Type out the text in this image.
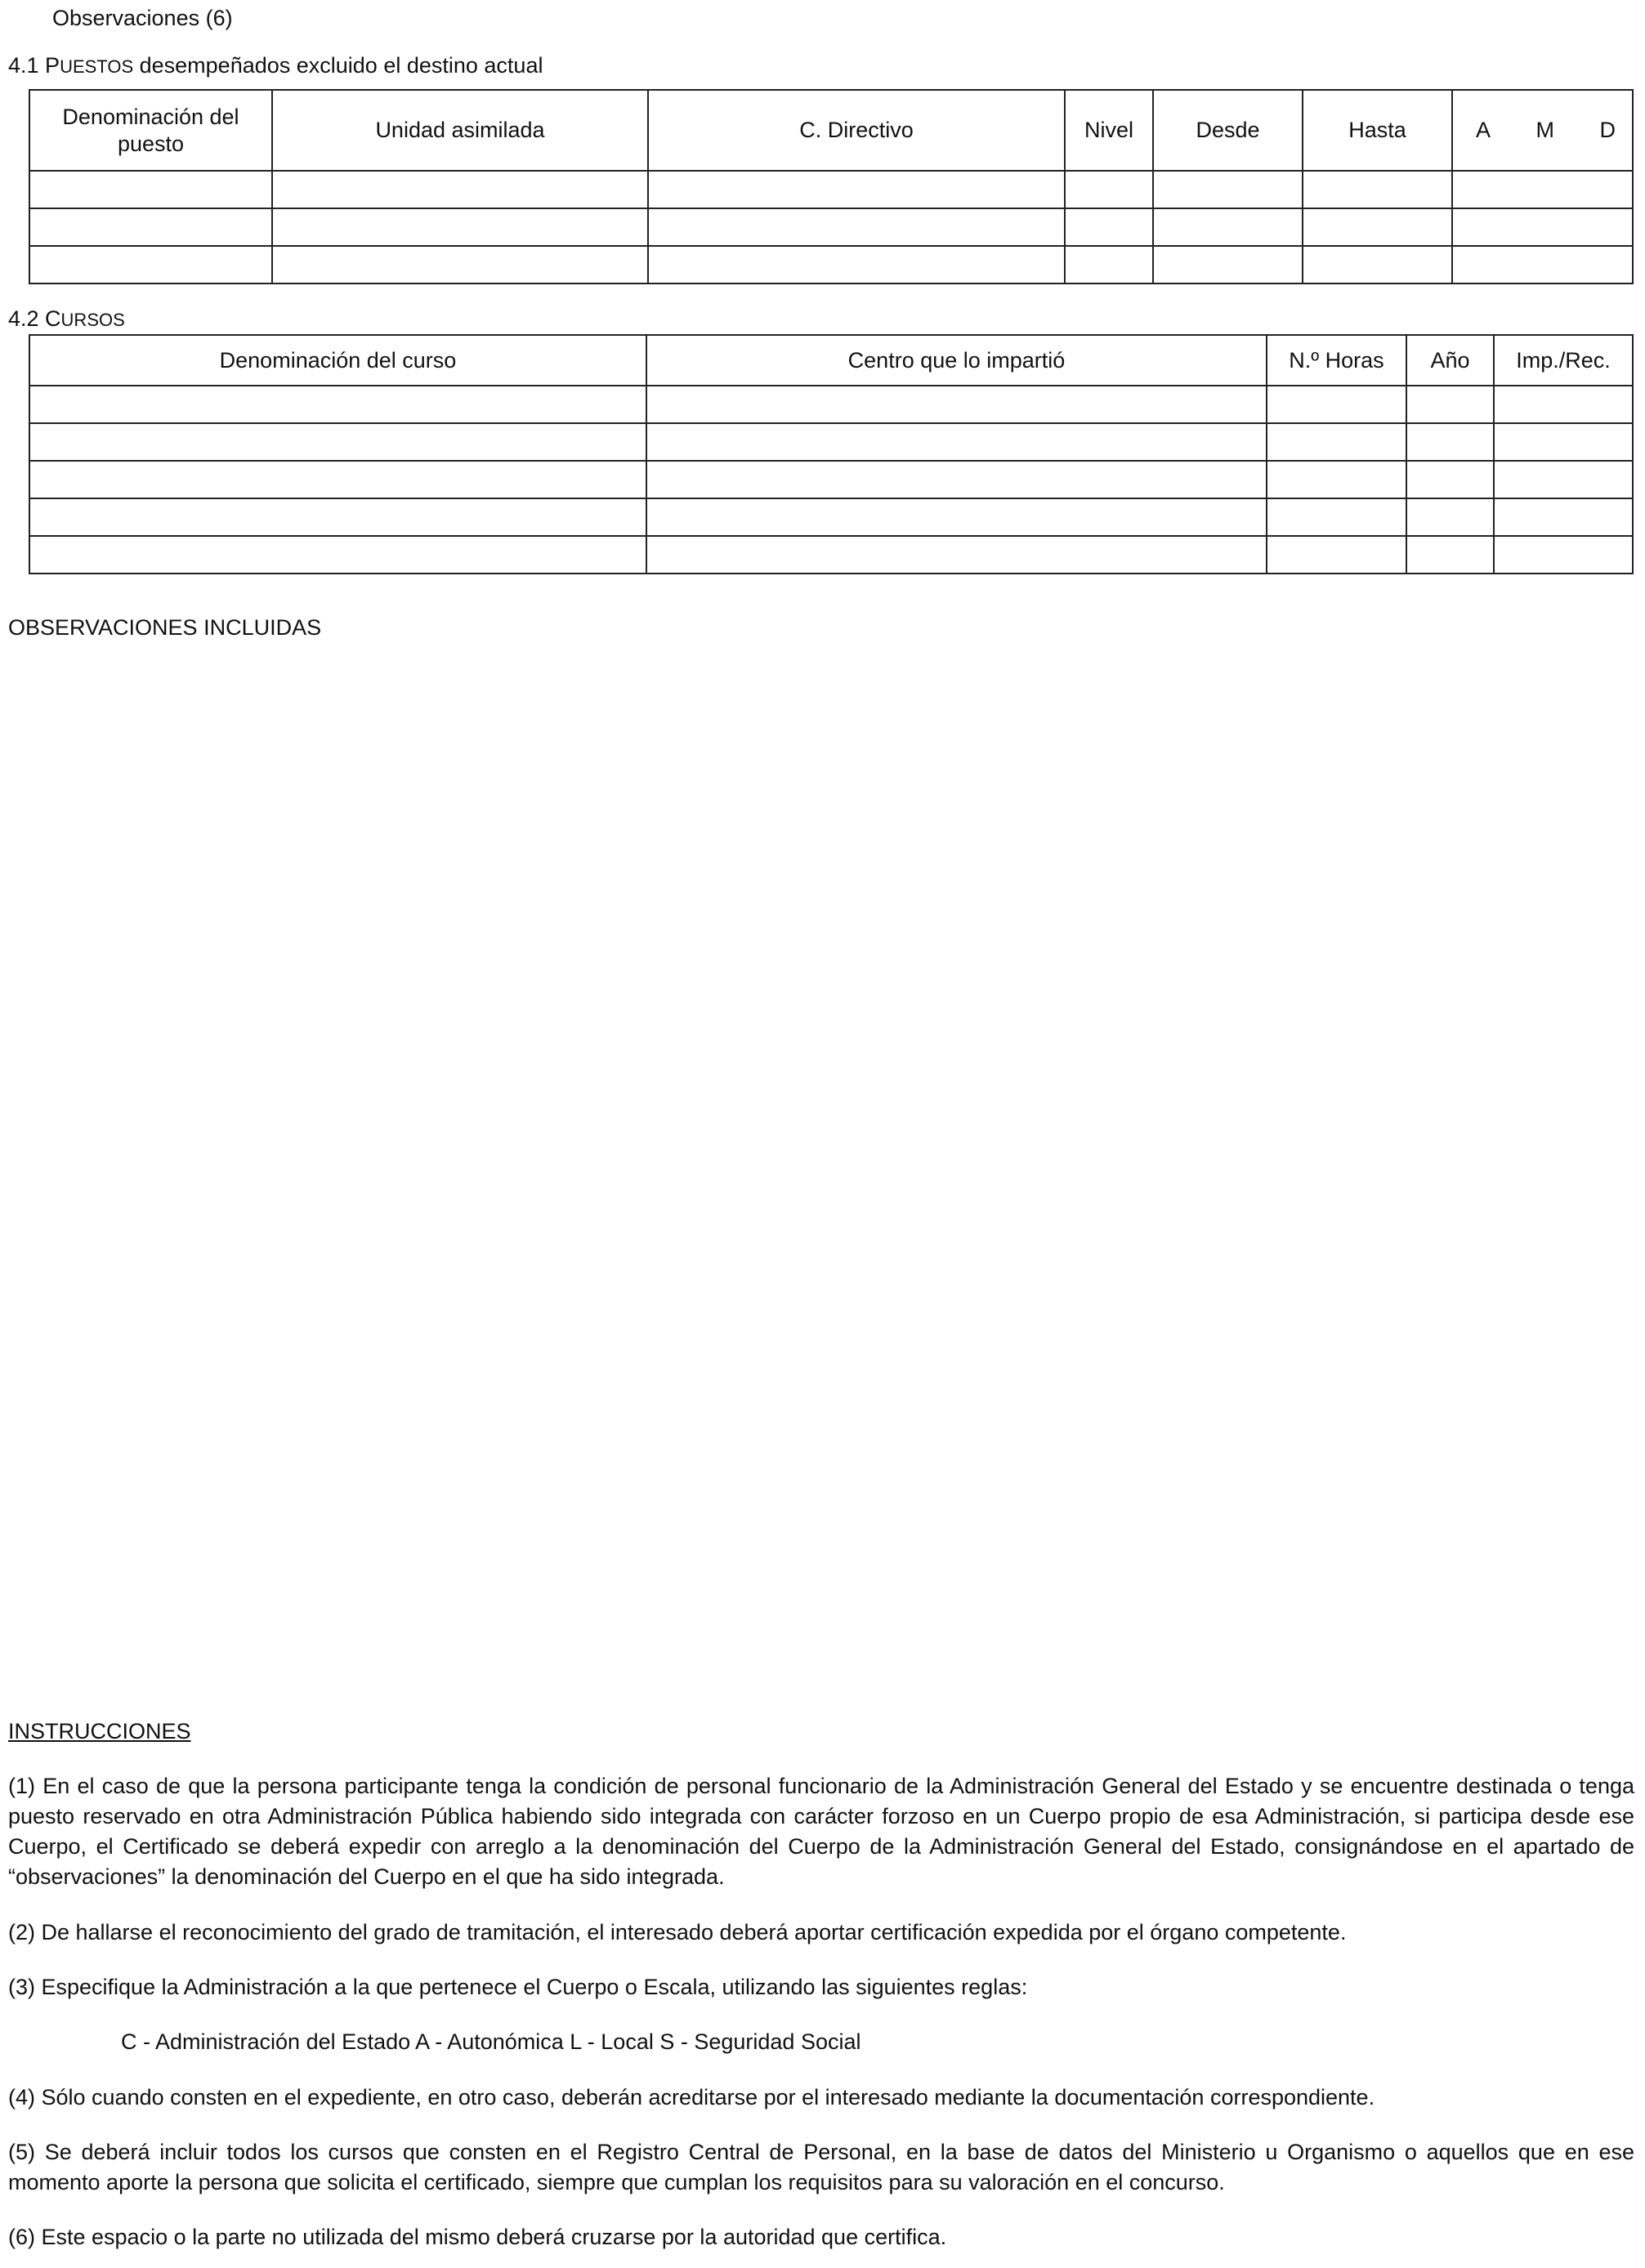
Observaciones (6)
4.1 PUESTOS desempeñados excluido el destino actual
Denominación del puesto	Unidad asimilada	C. Directivo	Nivel	Desde	Hasta	A M D

4.2 CURSOS
Denominación del curso	Centro que lo impartió	N.º Horas	Año	Imp./Rec.

OBSERVACIONES INCLUIDAS
INSTRUCCIONES
(1) En el caso de que la persona participante tenga la condición de personal funcionario de la Administración General del Estado y se encuentre destinada o tenga puesto reservado en otra Administración Pública habiendo sido integrada con carácter forzoso en un Cuerpo propio de esa Administración, si participa desde ese Cuerpo, el Certificado se deberá expedir con arreglo a la denominación del Cuerpo de la Administración General del Estado, consignándose en el apartado de “observaciones” la denominación del Cuerpo en el que ha sido integrada.
(2) De hallarse el reconocimiento del grado de tramitación, el interesado deberá aportar certificación expedida por el órgano competente.
(3) Especifique la Administración a la que pertenece el Cuerpo o Escala, utilizando las siguientes reglas:
C - Administración del Estado A - Autonómica L - Local S - Seguridad Social
(4) Sólo cuando consten en el expediente, en otro caso, deberán acreditarse por el interesado mediante la documentación correspondiente.
(5) Se deberá incluir todos los cursos que consten en el Registro Central de Personal, en la base de datos del Ministerio u Organismo o aquellos que en ese momento aporte la persona que solicita el certificado, siempre que cumplan los requisitos para su valoración en el concurso.
(6) Este espacio o la parte no utilizada del mismo deberá cruzarse por la autoridad que certifica.
